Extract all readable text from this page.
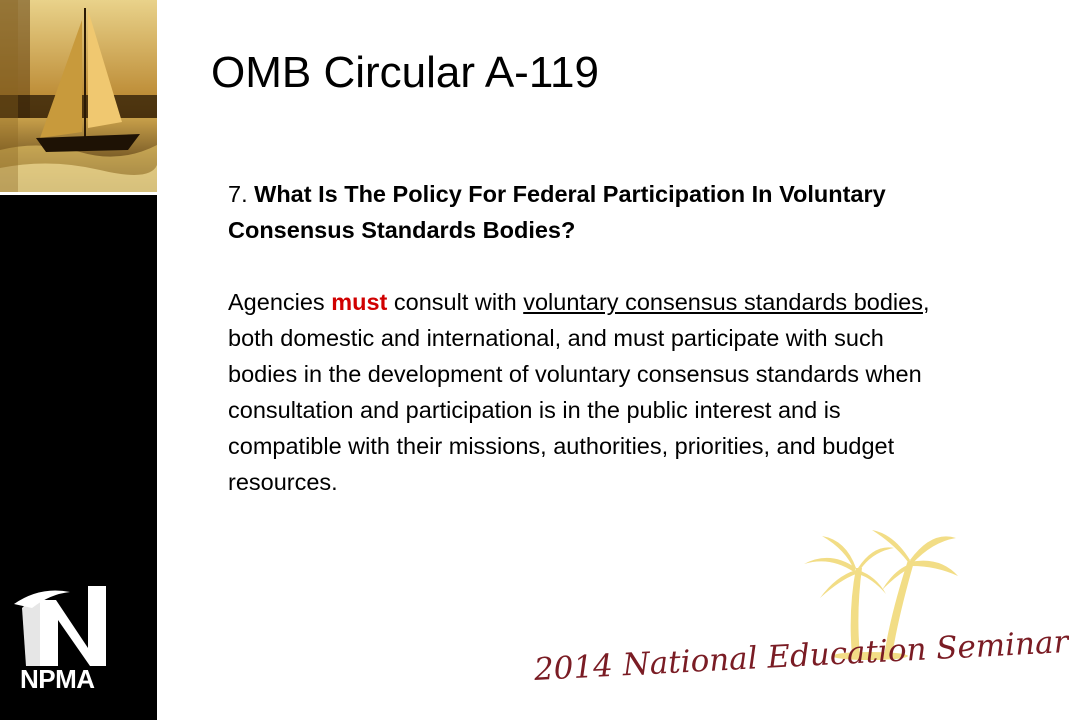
NPMA
OMB Circular A-119

7. What Is The Policy For Federal Participation In Voluntary Consensus Standards Bodies?

Agencies must consult with voluntary consensus standards bodies, both domestic and international, and must participate with such bodies in the development of voluntary consensus standards when consultation and participation is in the public interest and is compatible with their missions, authorities, priorities, and budget resources.

2014 National Education Seminar
